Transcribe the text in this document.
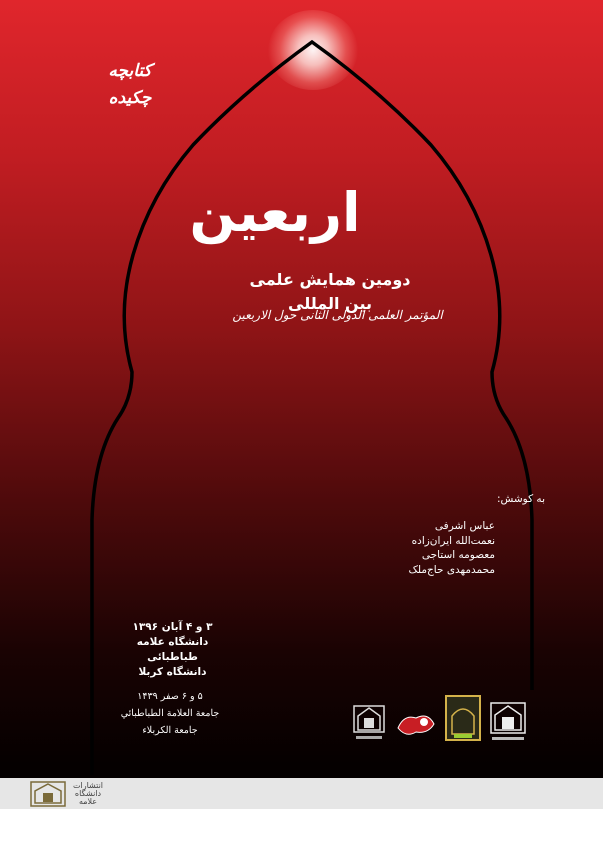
کتابچه
چکیده
اربعین
دومین همایش علمی بین المللی
المؤتمر العلمی الدولی الثانی حول الاربعین
به کوشش:
عباس اشرفی
نعمت‌الله ایران‌زاده
معصومه استاجی
محمدمهدی حاج‌ملک
۳ و ۴ آبان ۱۳۹۶
دانشگاه علامه طباطبائی
دانشگاه کربلا
۵ و ۶ صفر ۱۴۳۹
جامعة العلامة الطباطبائي
جامعة الكربلاء
انتشارات
دانشگاه
علامه
